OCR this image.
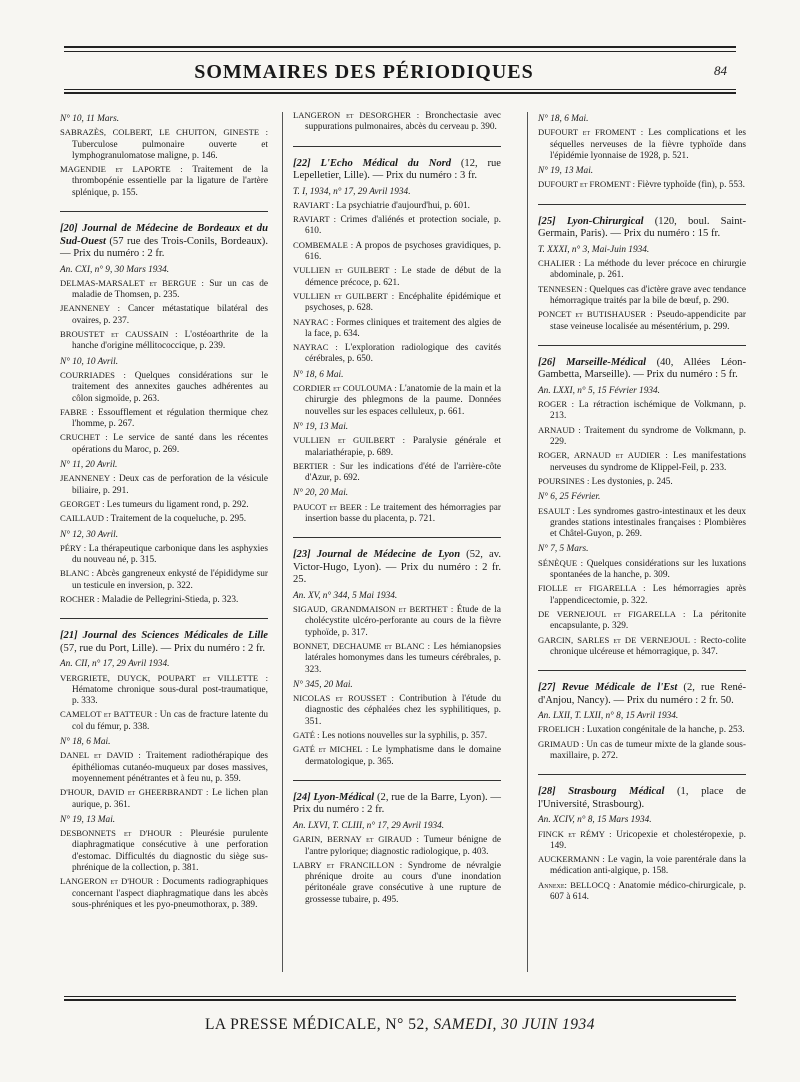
SOMMAIRES DES PÉRIODIQUES	84
N° 10, 11 Mars.
SABRAZÈS, COLBERT, LE CHUITON, GINESTE : Tuberculose pulmonaire ouverte et lymphogranulomatose maligne, p. 146.
MAGENDIE et LAPORTE : Traitement de la thrombopénie essentielle par la ligature de l'artère splénique, p. 155.
[20] Journal de Médecine de Bordeaux et du Sud-Ouest (57 rue des Trois-Conils, Bordeaux). — Prix du numéro : 2 fr.
An. CXI, n° 9, 30 Mars 1934.
DELMAS-MARSALET et BERGUE : Sur un cas de maladie de Thomsen, p. 235.
JEANNENEY : Cancer métastatique bilatéral des ovaires, p. 237.
BROUSTET et CAUSSAIN : L'ostéoarthrite de la hanche d'origine méllitococcique, p. 239.
N° 10, 10 Avril.
COURRIADES : Quelques considérations sur le traitement des annexites gauches adhérentes au côlon sigmoïde, p. 263.
FABRE : Essoufflement et régulation thermique chez l'homme, p. 267.
CRUCHET : Le service de santé dans les récentes opérations du Maroc, p. 269.
N° 11, 20 Avril.
JEANNENEY : Deux cas de perforation de la vésicule biliaire, p. 291.
GEORGET : Les tumeurs du ligament rond, p. 292.
CAILLAUD : Traitement de la coqueluche, p. 295.
N° 12, 30 Avril.
PÉRY : La thérapeutique carbonique dans les asphyxies du nouveau né, p. 315.
BLANC : Abcès gangreneux enkysté de l'épididyme sur un testicule en inversion, p. 322.
ROCHER : Maladie de Pellegrini-Stieda, p. 323.
[21] Journal des Sciences Médicales de Lille (57, rue du Port, Lille). — Prix du numéro : 2 fr.
An. CII, n° 17, 29 Avril 1934.
VERGRIETE, DUYCK, POUPART et VILLETTE : Hématome chronique sous-dural post-traumatique, p. 333.
CAMELOT et BATTEUR : Un cas de fracture latente du col du fémur, p. 338.
N° 18, 6 Mai.
DANEL et DAVID : Traitement radiothérapique des épithéliomas cutanéo-muqueux par doses massives, moyennement pénétrantes et à feu nu, p. 359.
D'HOUR, DAVID et GHEERBRANDT : Le lichen plan aurique, p. 361.
N° 19, 13 Mai.
DESBONNETS et D'HOUR : Pleurésie purulente diaphragmatique consécutive à une perforation d'estomac. Difficultés du diagnostic du siège sus-phrénique de la collection, p. 381.
LANGERON et D'HOUR : Documents radiographiques concernant l'aspect diaphragmatique dans les abcès sous-phréniques et les pyo-pneumothorax, p. 389.
LANGERON et DESORGHER : Bronchectasie avec suppurations pulmonaires, abcès du cerveau p. 390.
[22] L'Echo Médical du Nord (12, rue Lepelletier, Lille). — Prix du numéro : 3 fr.
T. I, 1934, n° 17, 29 Avril 1934.
RAVIART : La psychiatrie d'aujourd'hui, p. 601.
RAVIART : Crimes d'aliénés et protection sociale, p. 610.
COMBEMALE : A propos de psychoses gravidiques, p. 616.
VULLIEN et GUILBERT : Le stade de début de la démence précoce, p. 621.
VULLIEN et GUILBERT : Encéphalite épidémique et psychoses, p. 628.
NAYRAC : Formes cliniques et traitement des algies de la face, p. 634.
NAYRAC : L'exploration radiologique des cavités cérébrales, p. 650.
N° 18, 6 Mai.
CORDIER et COULOUMA : L'anatomie de la main et la chirurgie des phlegmons de la paume. Données nouvelles sur les espaces celluleux, p. 661.
N° 19, 13 Mai.
VULLIEN et GUILBERT : Paralysie générale et malariathérapie, p. 689.
BERTIER : Sur les indications d'été de l'arrière-côte d'Azur, p. 692.
N° 20, 20 Mai.
PAUCOT et BEER : Le traitement des hémorragies par insertion basse du placenta, p. 721.
[23] Journal de Médecine de Lyon (52, av. Victor-Hugo, Lyon). — Prix du numéro : 2 fr. 25.
An. XV, n° 344, 5 Mai 1934.
SIGAUD, GRANDMAISON et BERTHET : Étude de la cholécystite ulcéro-perforante au cours de la fièvre typhoïde, p. 317.
BONNET, DECHAUME et BLANC : Les hémianopsies latérales homonymes dans les tumeurs cérébrales, p. 323.
N° 345, 20 Mai.
NICOLAS et ROUSSET : Contribution à l'étude du diagnostic des céphalées chez les syphilitiques, p. 351.
GATÉ : Les notions nouvelles sur la syphilis, p. 357.
GATÉ et MICHEL : Le lymphatisme dans le domaine dermatologique, p. 365.
[24] Lyon-Médical (2, rue de la Barre, Lyon). — Prix du numéro : 2 fr.
An. LXVI, T. CLIII, n° 17, 29 Avril 1934.
GARIN, BERNAY et GIRAUD : Tumeur bénigne de l'antre pylorique; diagnostic radiologique, p. 403.
LABRY et FRANCILLON : Syndrome de névralgie phrénique droite au cours d'une inondation péritonéale grave consécutive à une rupture de grossesse tubaire, p. 495.
N° 18, 6 Mai.
DUFOURT et FROMENT : Les complications et les séquelles nerveuses de la fièvre typhoïde dans l'épidémie lyonnaise de 1928, p. 521.
N° 19, 13 Mai.
DUFOURT et FROMENT : Fièvre typhoïde (fin), p. 553.
[25] Lyon-Chirurgical (120, boul. Saint-Germain, Paris). — Prix du numéro : 15 fr.
T. XXXI, n° 3, Mai-Juin 1934.
CHALIER : La méthode du lever précoce en chirurgie abdominale, p. 261.
TENNESEN : Quelques cas d'ictère grave avec tendance hémorragique traités par la bile de bœuf, p. 290.
PONCET et BUTISHAUSER : Pseudo-appendicite par stase veineuse localisée au mésentérium, p. 299.
[26] Marseille-Médical (40, Allées Léon-Gambetta, Marseille). — Prix du numéro : 5 fr.
An. LXXI, n° 5, 15 Février 1934.
ROGER : La rétraction ischémique de Volkmann, p. 213.
ARNAUD : Traitement du syndrome de Volkmann, p. 229.
ROGER, ARNAUD et AUDIER : Les manifestations nerveuses du syndrome de Klippel-Feil, p. 233.
POURSINES : Les dystonies, p. 245.
N° 6, 25 Février.
ESAULT : Les syndromes gastro-intestinaux et les deux grandes stations intestinales françaises : Plombières et Châtel-Guyon, p. 269.
N° 7, 5 Mars.
SÉNÈQUE : Quelques considérations sur les luxations spontanées de la hanche, p. 309.
FIOLLE et FIGARELLA : Les hémorragies après l'appendicectomie, p. 322.
DE VERNEJOUL et FIGARELLA : La péritonite encapsulante, p. 329.
GARCIN, SARLES et DE VERNEJOUL : Recto-colite chronique ulcéreuse et hémorragique, p. 347.
[27] Revue Médicale de l'Est (2, rue René-d'Anjou, Nancy). — Prix du numéro : 2 fr. 50.
An. LXII, T. LXII, n° 8, 15 Avril 1934.
FROELICH : Luxation congénitale de la hanche, p. 253.
GRIMAUD : Un cas de tumeur mixte de la glande sous-maxillaire, p. 272.
[28] Strasbourg Médical (1, place de l'Université, Strasbourg).
An. XCIV, n° 8, 15 Mars 1934.
FINCK et RÉMY : Uricopexie et cholestéropexie, p. 149.
AUCKERMANN : Le vagin, la voie parentérale dans la médication anti-algique, p. 158.
Annexe: BELLOCQ : Anatomie médico-chirurgicale, p. 607 à 614.
LA PRESSE MÉDICALE, N° 52, SAMEDI, 30 JUIN 1934
